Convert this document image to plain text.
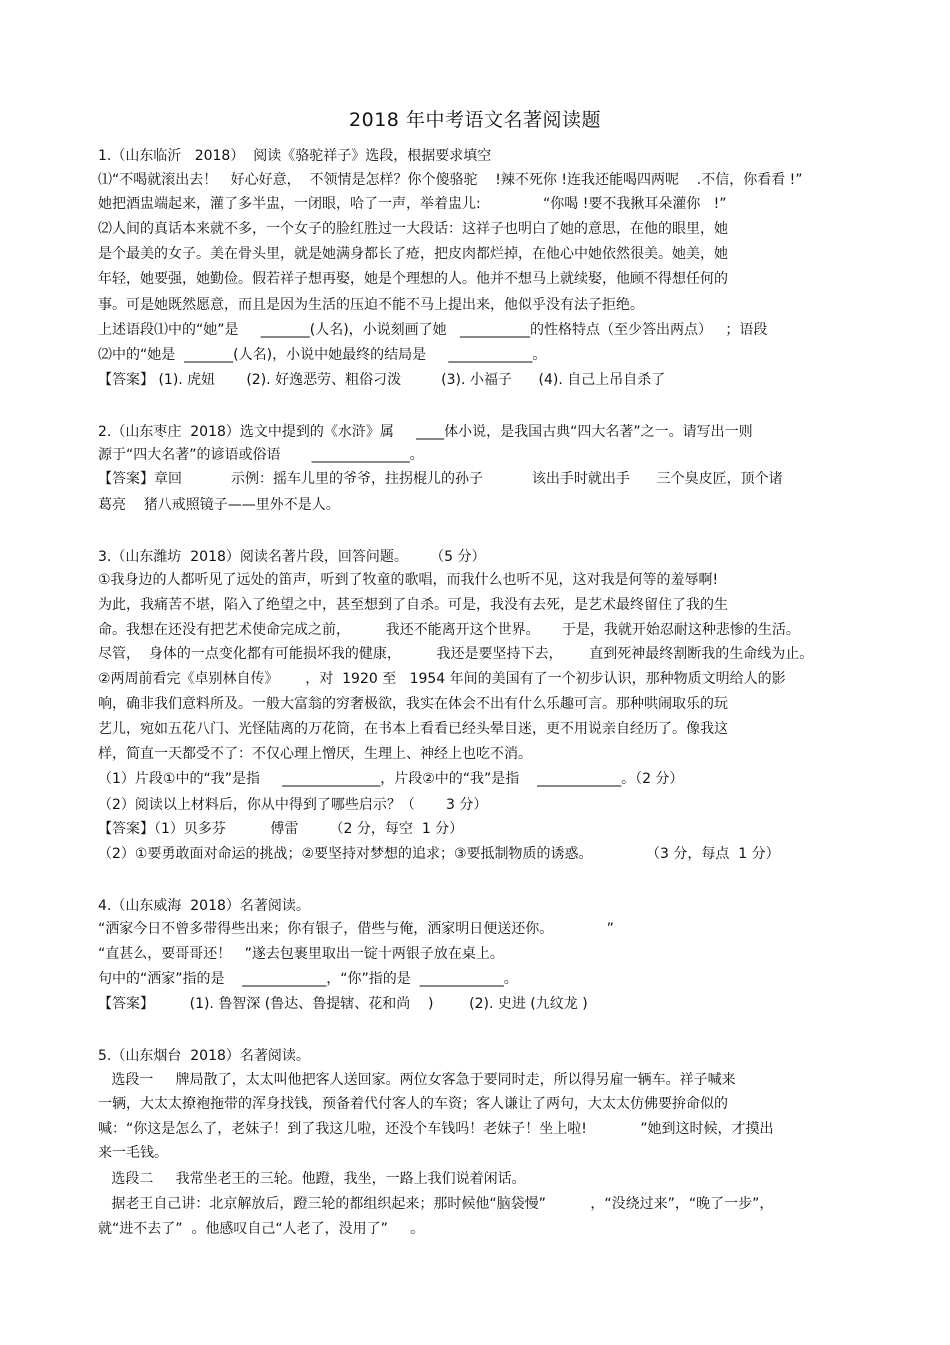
2018 年中考语文名著阅读题
1.（山东临沂   2018）  阅读《骆驼祥子》选段，根据要求填空
⑴“不喝就滚出去！   好心好意，  不领情是怎样？你个傻骆驼    !辣不死你 !连我还能喝四两呢    .不信，你看看 !”
她把酒盅端起来，灌了多半盅，一闭眼，哈了一声，举着盅儿:              “你喝 !要不我揪耳朵灌你   !”
⑵人间的真话本来就不多，一个女子的脸红胜过一大段话：这祥子也明白了她的意思，在他的眼里，她
是个最美的女子。美在骨头里，就是她满身都长了疮，把皮肉都烂掉，在他心中她依然很美。她美，她
年轻，她要强，她勤俭。假若祥子想再娶，她是个理想的人。他并不想马上就续娶，他顾不得想任何的
事。可是她既然愿意，而且是因为生活的压迫不能不马上提出来，他似乎没有法子拒绝。
上述语段⑴中的“她”是     _______(人名)，小说刻画了她   __________的性格特点（至少答出两点）   ；语段
⑵中的“她是  _______(人名)，小说中她最终的结局是     ____________。
【答案】 (1). 虎妞       (2). 好逸恶劳、粗俗刁泼         (3). 小福子      (4). 自己上吊自杀了
2.（山东枣庄  2018）选文中提到的《水浒》属     ____体小说，是我国古典“四大名著”之一。请写出一则
源于“四大名著”的谚语或俗语       ______________。
【答案】章回           示例：摇车儿里的爷爷，拄拐棍儿的孙子           该出手时就出手      三个臭皮匠，顶个诸
葛亮    猪八戒照镜子——里外不是人。
3.（山东潍坊  2018）阅读名著片段，回答问题。     （5 分）
①我身边的人都听见了远处的笛声，听到了牧童的歌唱，而我什么也听不见，这对我是何等的羞辱啊!
为此，我痛苦不堪，陷入了绝望之中，甚至想到了自杀。可是，我没有去死，是艺术最终留住了我的生
命。我想在还没有把艺术使命完成之前，        我还不能离开这个世界。     于是，我就开始忍耐这种悲惨的生活。
尽管，  身体的一点变化都有可能损坏我的健康，        我还是要坚持下去，      直到死神最终割断我的生命线为止。
②两周前看完《卓别林自传》      ，对  1920 至   1954 年间的美国有了一个初步认识，那种物质文明给人的影
响，确非我们意料所及。一般大富翁的穷奢极欲，我实在体会不出有什么乐趣可言。那种哄闹取乐的玩
艺儿，宛如五花八门、光怪陆离的万花筒，在书本上看看已经头晕目迷，更不用说亲自经历了。像我这
样，简直一天都受不了：不仅心理上憎厌，生理上、神经上也吃不消。
（1）片段①中的“我”是指     ______________，片段②中的“我”是指    ____________。（2 分）
（2）阅读以上材料后，你从中得到了哪些启示？（       3 分）
【答案】（1）贝多芬          傅雷       （2 分，每空  1 分）
（2）①要勇敢面对命运的挑战；②要坚持对梦想的追求；③要抵制物质的诱惑。            （3 分，每点  1 分）
4.（山东威海  2018）名著阅读。
“洒家今日不曾多带得些出来；你有银子，借些与俺，洒家明日便送还你。            ”
“直甚么，要哥哥还！   ”遂去包裹里取出一锭十两银子放在桌上。
句中的“洒家”指的是    ____________，“你”指的是  ____________。
【答案】        (1). 鲁智深 (鲁达、鲁提辖、花和尚    )        (2). 史进 (九纹龙 )
5.（山东烟台  2018）名著阅读。
选段一     牌局散了，太太叫他把客人送回家。两位女客急于要同时走，所以得另雇一辆车。祥子喊来
一辆，大太太撩袍拖带的浑身找钱，预备着代付客人的车资；客人谦让了两句，大太太仿佛要拚命似的
喊：“你这是怎么了，老妹子！到了我这儿啦，还没个车钱吗！老妹子！坐上啦!            ”她到这时候，才摸出
来一毛钱。
选段二     我常坐老王的三轮。他蹬，我坐，一路上我们说着闲话。
据老王自己讲：北京解放后，蹬三轮的都组织起来；那时候他“脑袋慢”          ，“没绕过来”，“晚了一步”，
就“进不去了”  。他感叹自己“人老了，没用了”     。
